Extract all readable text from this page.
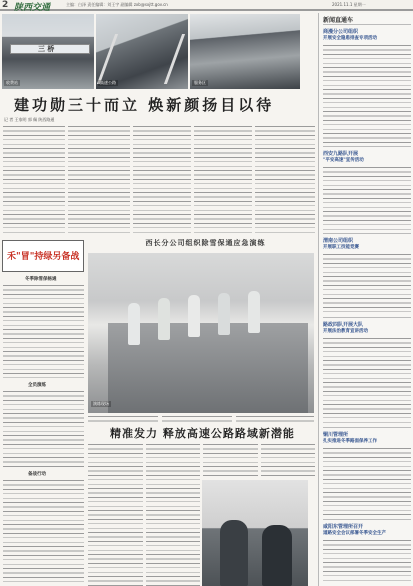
2 陕西交通	主编：白泽 责任编辑：刘王宇 副编辑 zxb@sxjtt.gov.cn	2021.11.1 星期一
三 桥
收费站	高速公路	服务区
建功勋三十而立 焕新颜扬目以待
记 者 王家明 郭 佩 陕西路通
禾"冒"持绿另备战
冬季除雪保畅通
全员演练
备战行动
西长分公司组织除雪保通应急演练
演练现场
精准发力 释放高速公路路域新潜能
新闻直通车
商漫分公司组织
开展安全隐患排查专项活动
西安九路队开展
"平安高速"宣传活动
渭南公司组织
开展职工技能竞赛
路政四队开展大队
开展法治教育宣讲活动
铜川管理所
扎实推进冬季路面保养工作
咸阳东管理所召开
道路安全会议部署冬季安全生产
